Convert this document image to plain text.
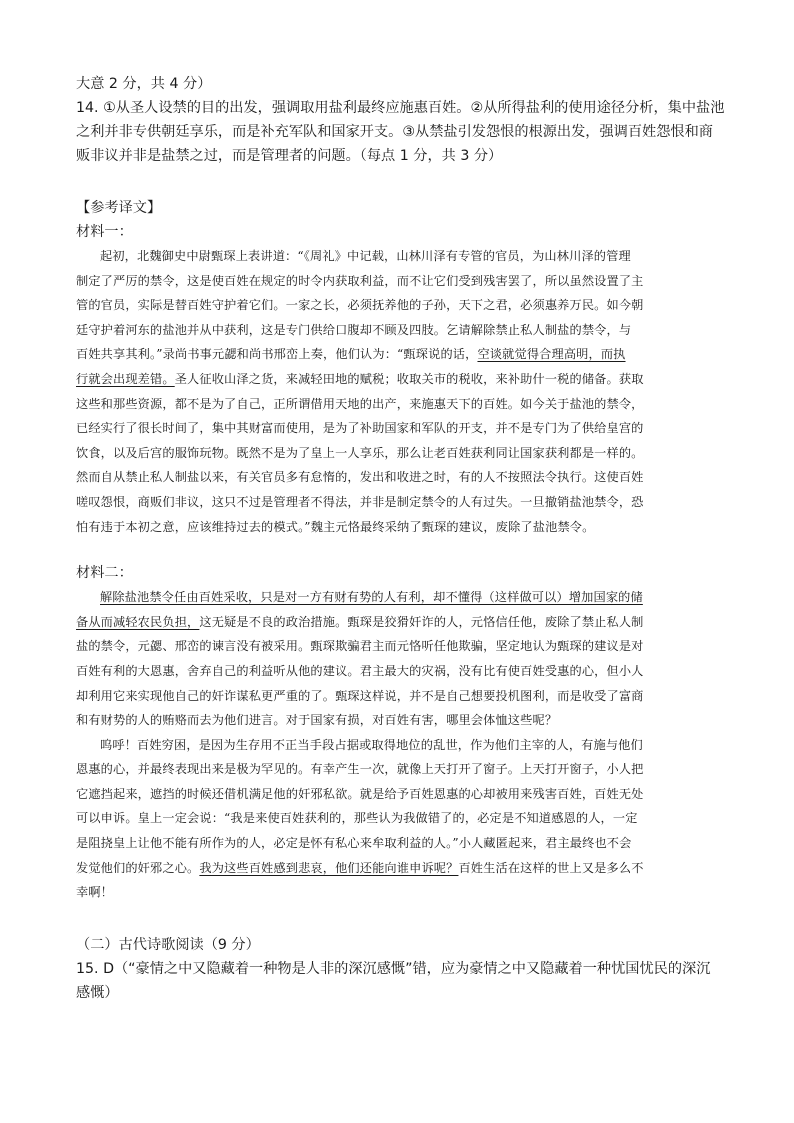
大意 2 分，共 4 分）

14. ①从圣人设禁的目的出发，强调取用盐利最终应施惠百姓。②从所得盐利的使用途径分析，集中盐池

之利并非专供朝廷享乐，而是补充军队和国家开支。③从禁盐引发怨恨的根源出发，强调百姓怨恨和商

贩非议并非是盐禁之过，而是管理者的问题。（每点 1 分，共 3 分）

【参考译文】

材料一：

起初，北魏御史中尉甄琛上表讲道：“《周礼》中记载，山林川泽有专管的官员，为山林川泽的管理

制定了严厉的禁令，这是使百姓在规定的时令内获取利益，而不让它们受到残害罢了，所以虽然设置了主

管的官员，实际是替百姓守护着它们。一家之长，必须抚养他的子孙，天下之君，必须惠养万民。如今朝

廷守护着河东的盐池并从中获利，这是专门供给口腹却不顾及四肢。乞请解除禁止私人制盐的禁令，与

百姓共享其利。”录尚书事元勰和尚书邢峦上奏，他们认为：“甄琛说的话，空谈就觉得合理高明，而执

行就会出现差错。圣人征收山泽之货，来减轻田地的赋税；收取关市的税收，来补助什一税的储备。获取

这些和那些资源，都不是为了自己，正所谓借用天地的出产，来施惠天下的百姓。如今关于盐池的禁令，

已经实行了很长时间了，集中其财富而使用，是为了补助国家和军队的开支，并不是专门为了供给皇宫的

饮食，以及后宫的服饰玩物。既然不是为了皇上一人享乐，那么让老百姓获利同让国家获利都是一样的。

然而自从禁止私人制盐以来，有关官员多有怠惰的，发出和收进之时，有的人不按照法令执行。这使百姓

嗟叹怨恨，商贩们非议，这只不过是管理者不得法，并非是制定禁令的人有过失。一旦撤销盐池禁令，恐

怕有违于本初之意，应该维持过去的模式。”魏主元恪最终采纳了甄琛的建议，废除了盐池禁令。

材料二：

解除盐池禁令任由百姓采收，只是对一方有财有势的人有利，却不懂得（这样做可以）增加国家的储

备从而减轻农民负担，这无疑是不良的政治措施。甄琛是狡猾奸诈的人，元恪信任他，废除了禁止私人制

盐的禁令，元勰、邢峦的谏言没有被采用。甄琛欺骗君主而元恪听任他欺骗，坚定地认为甄琛的建议是对

百姓有利的大恩惠，舍弃自己的利益听从他的建议。君主最大的灾祸，没有比有使百姓受惠的心，但小人

却利用它来实现他自己的奸诈谋私更严重的了。甄琛这样说，并不是自己想要投机图利，而是收受了富商

和有财势的人的贿赂而去为他们进言。对于国家有损，对百姓有害，哪里会体恤这些呢？

呜呼！百姓穷困，是因为生存用不正当手段占据或取得地位的乱世，作为他们主宰的人，有施与他们

恩惠的心，并最终表现出来是极为罕见的。有幸产生一次，就像上天打开了窗子。上天打开窗子，小人把

它遮挡起来，遮挡的时候还借机满足他的奸邪私欲。就是给予百姓恩惠的心却被用来残害百姓，百姓无处

可以申诉。皇上一定会说：“我是来使百姓获利的，那些认为我做错了的，必定是不知道感恩的人，一定

是阻挠皇上让他不能有所作为的人，必定是怀有私心来牟取利益的人。”小人藏匿起来，君主最终也不会

发觉他们的奸邪之心。我为这些百姓感到悲哀，他们还能向谁申诉呢？百姓生活在这样的世上又是多么不

幸啊！

（二）古代诗歌阅读（9 分）

15. D（“豪情之中又隐藏着一种物是人非的深沉感慨”错，应为豪情之中又隐藏着一种忧国忧民的深沉

感慨）
